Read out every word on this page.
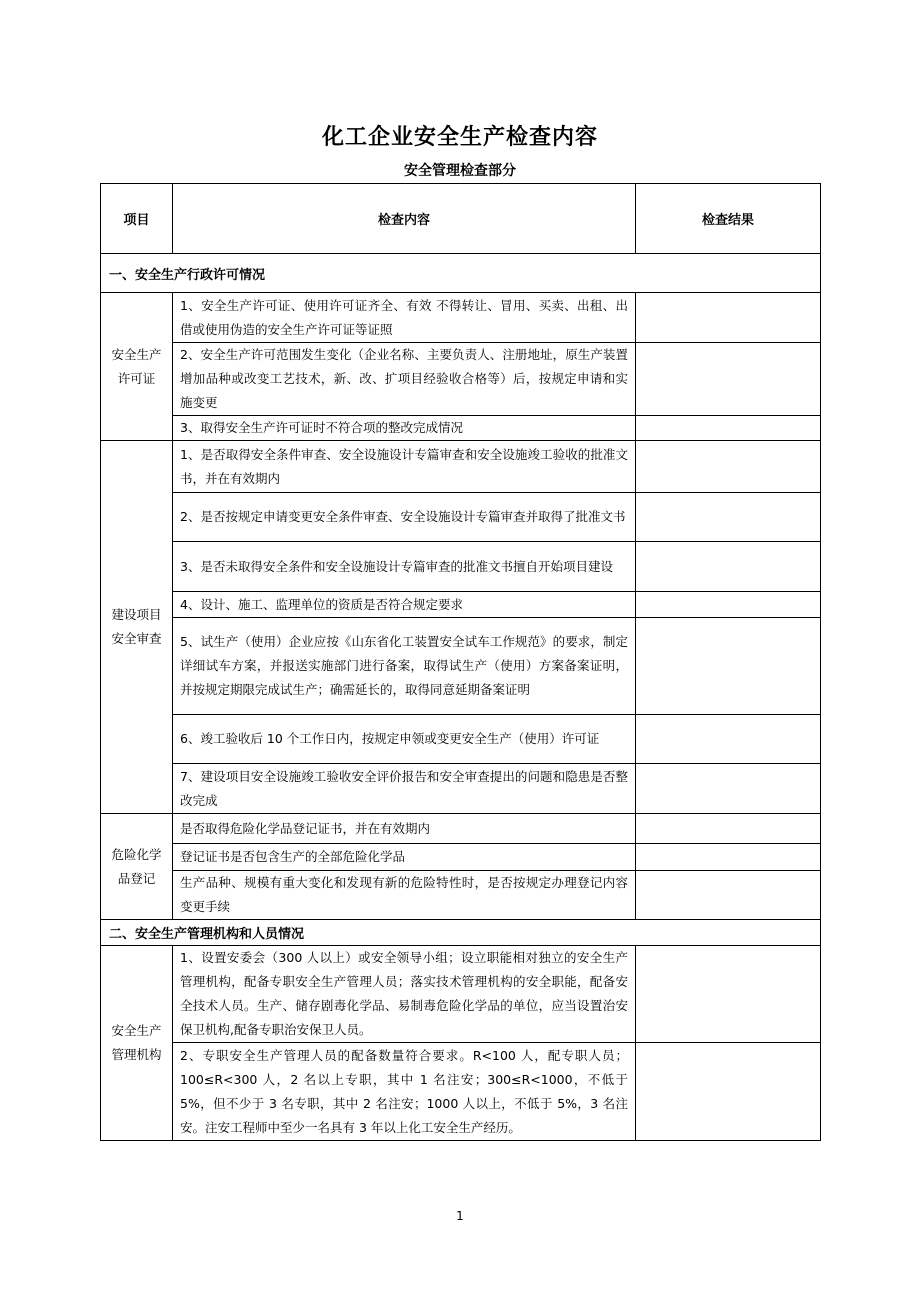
化工企业安全生产检查内容
安全管理检查部分
项目	检查内容	检查结果
一、安全生产行政许可情况		
安全生产许可证	1、安全生产许可证、使用许可证齐全、有效 不得转让、冒用、买卖、出租、出借或使用伪造的安全生产许可证等证照	
	2、安全生产许可范围发生变化（企业名称、主要负责人、注册地址，原生产装置增加品种或改变工艺技术，新、改、扩项目经验收合格等）后，按规定申请和实施变更	
	3、取得安全生产许可证时不符合项的整改完成情况	
建设项目安全审查	1、是否取得安全条件审查、安全设施设计专篇审查和安全设施竣工验收的批准文书，并在有效期内	
	2、是否按规定申请变更安全条件审查、安全设施设计专篇审查并取得了批准文书	
	3、是否未取得安全条件和安全设施设计专篇审查的批准文书擅自开始项目建设	
	4、设计、施工、监理单位的资质是否符合规定要求	
	5、试生产（使用）企业应按《山东省化工装置安全试车工作规范》的要求，制定详细试车方案，并报送实施部门进行备案，取得试生产（使用）方案备案证明，并按规定期限完成试生产；确需延长的，取得同意延期备案证明	
	6、竣工验收后 10 个工作日内，按规定申领或变更安全生产（使用）许可证	
	7、建设项目安全设施竣工验收安全评价报告和安全审查提出的问题和隐患是否整改完成	
危险化学品登记	是否取得危险化学品登记证书，并在有效期内	
	登记证书是否包含生产的全部危险化学品	
	生产品种、规模有重大变化和发现有新的危险特性时，是否按规定办理登记内容变更手续	
二、安全生产管理机构和人员情况		
安全生产管理机构	1、设置安委会（300 人以上）或安全领导小组；设立职能相对独立的安全生产管理机构，配备专职安全生产管理人员；落实技术管理机构的安全职能，配备安全技术人员。生产、储存剧毒化学品、易制毒危险化学品的单位，应当设置治安保卫机构,配备专职治安保卫人员。	
	2、专职安全生产管理人员的配备数量符合要求。R<100 人，配专职人员；100≤R<300 人，2 名以上专职，其中 1 名注安；300≤R<1000，不低于 5%，但不少于 3 名专职，其中 2 名注安；1000 人以上，不低于 5%，3 名注安。注安工程师中至少一名具有 3 年以上化工安全生产经历。	
1
